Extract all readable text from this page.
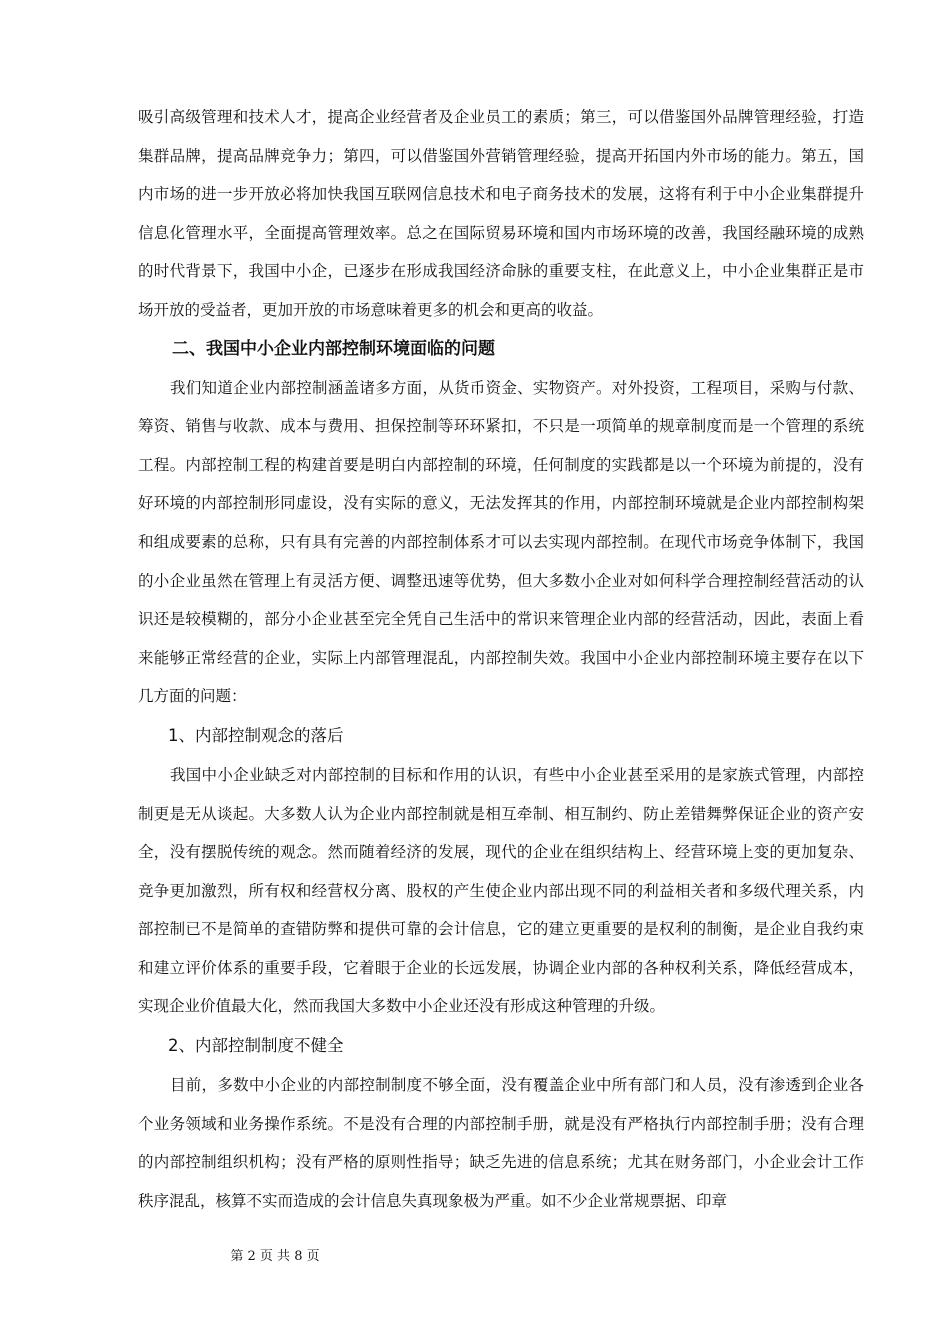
吸引高级管理和技术人才，提高企业经营者及企业员工的素质；第三，可以借鉴国外品牌管理经验，打造集群品牌，提高品牌竞争力；第四，可以借鉴国外营销管理经验，提高开拓国内外市场的能力。第五，国内市场的进一步开放必将加快我国互联网信息技术和电子商务技术的发展，这将有利于中小企业集群提升信息化管理水平，全面提高管理效率。总之在国际贸易环境和国内市场环境的改善，我国经融环境的成熟的时代背景下，我国中小企，已逐步在形成我国经济命脉的重要支柱，在此意义上，中小企业集群正是市场开放的受益者，更加开放的市场意味着更多的机会和更高的收益。

二、我国中小企业内部控制环境面临的问题

我们知道企业内部控制涵盖诸多方面，从货币资金、实物资产。对外投资，工程项目，采购与付款、筹资、销售与收款、成本与费用、担保控制等环环紧扣，不只是一项简单的规章制度而是一个管理的系统工程。内部控制工程的构建首要是明白内部控制的环境，任何制度的实践都是以一个环境为前提的，没有好环境的内部控制形同虚设，没有实际的意义，无法发挥其的作用，内部控制环境就是企业内部控制构架和组成要素的总称，只有具有完善的内部控制体系才可以去实现内部控制。在现代市场竞争体制下，我国的小企业虽然在管理上有灵活方便、调整迅速等优势，但大多数小企业对如何科学合理控制经营活动的认识还是较模糊的，部分小企业甚至完全凭自己生活中的常识来管理企业内部的经营活动，因此，表面上看来能够正常经营的企业，实际上内部管理混乱，内部控制失效。我国中小企业内部控制环境主要存在以下几方面的问题：

1、内部控制观念的落后

我国中小企业缺乏对内部控制的目标和作用的认识，有些中小企业甚至采用的是家族式管理，内部控制更是无从谈起。大多数人认为企业内部控制就是相互牵制、相互制约、防止差错舞弊保证企业的资产安全，没有摆脱传统的观念。然而随着经济的发展，现代的企业在组织结构上、经营环境上变的更加复杂、竞争更加激烈，所有权和经营权分离、股权的产生使企业内部出现不同的利益相关者和多级代理关系，内部控制已不是简单的查错防弊和提供可靠的会计信息，它的建立更重要的是权利的制衡，是企业自我约束和建立评价体系的重要手段，它着眼于企业的长远发展，协调企业内部的各种权利关系，降低经营成本，实现企业价值最大化，然而我国大多数中小企业还没有形成这种管理的升级。

2、内部控制制度不健全

目前，多数中小企业的内部控制制度不够全面，没有覆盖企业中所有部门和人员，没有渗透到企业各个业务领域和业务操作系统。不是没有合理的内部控制手册，就是没有严格执行内部控制手册；没有合理的内部控制组织机构；没有严格的原则性指导；缺乏先进的信息系统；尤其在财务部门，小企业会计工作秩序混乱，核算不实而造成的会计信息失真现象极为严重。如不少企业常规票据、印章

第 2 页 共 8 页
